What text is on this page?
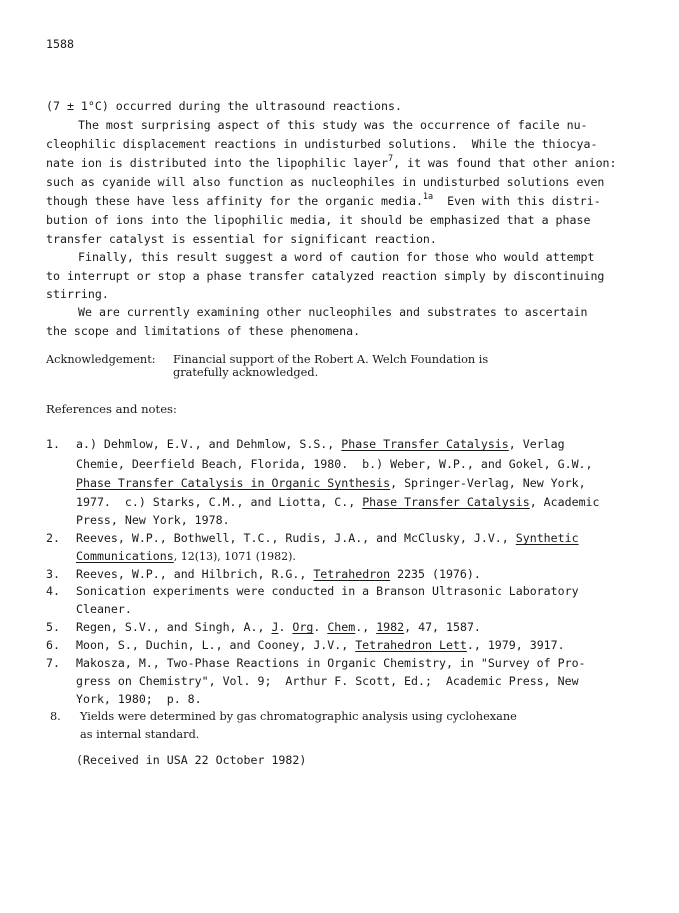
1588
(7 ± 1°C) occurred during the ultrasound reactions.
The most surprising aspect of this study was the occurrence of facile nu-
cleophilic displacement reactions in undisturbed solutions.  While the thiocya-
nate ion is distributed into the lipophilic layer$^7$, it was found that other anion:
such as cyanide will also function as nucleophiles in undisturbed solutions even
though these have less affinity for the organic media.$^{1a}$  Even with this distri-
bution of ions into the lipophilic media, it should be emphasized that a phase
transfer catalyst is essential for significant reaction.
Finally, this result suggest a word of caution for those who would attempt
to interrupt or stop a phase transfer catalyzed reaction simply by discontinuing
stirring.
We are currently examining other nucleophiles and substrates to ascertain
the scope and limitations of these phenomena.
Acknowledgement: Financial support of the Robert A. Welch Foundation is
gratefully acknowledged.
References and notes:
1. a.) Dehmlow, E.V., and Dehmlow, S.S., Phase Transfer Catalysis, Verlag
Chemie, Deerfield Beach, Florida, 1980.  b.) Weber, W.P., and Gokel, G.W.,
Phase Transfer Catalysis in Organic Synthesis, Springer-Verlag, New York,
1977.  c.) Starks, C.M., and Liotta, C., Phase Transfer Catalysis, Academic
Press, New York, 1978.
2. Reeves, W.P., Bothwell, T.C., Rudis, J.A., and McClusky, J.V., Synthetic
Communications, 12(13), 1071 (1982).
3. Reeves, W.P., and Hilbrich, R.G., Tetrahedron 2235 (1976).
4. Sonication experiments were conducted in a Branson Ultrasonic Laboratory
Cleaner.
5. Regen, S.V., and Singh, A., J. Org. Chem., 1982, 47, 1587.
6. Moon, S., Duchin, L., and Cooney, J.V., Tetrahedron Lett., 1979, 3917.
7. Makosza, M., Two-Phase Reactions in Organic Chemistry, in "Survey of Pro-
gress on Chemistry", Vol. 9;  Arthur F. Scott, Ed.;  Academic Press, New
York, 1980;  p. 8.
8. Yields were determined by gas chromatographic analysis using cyclohexane
as internal standard.
(Received in USA 22 October 1982)
